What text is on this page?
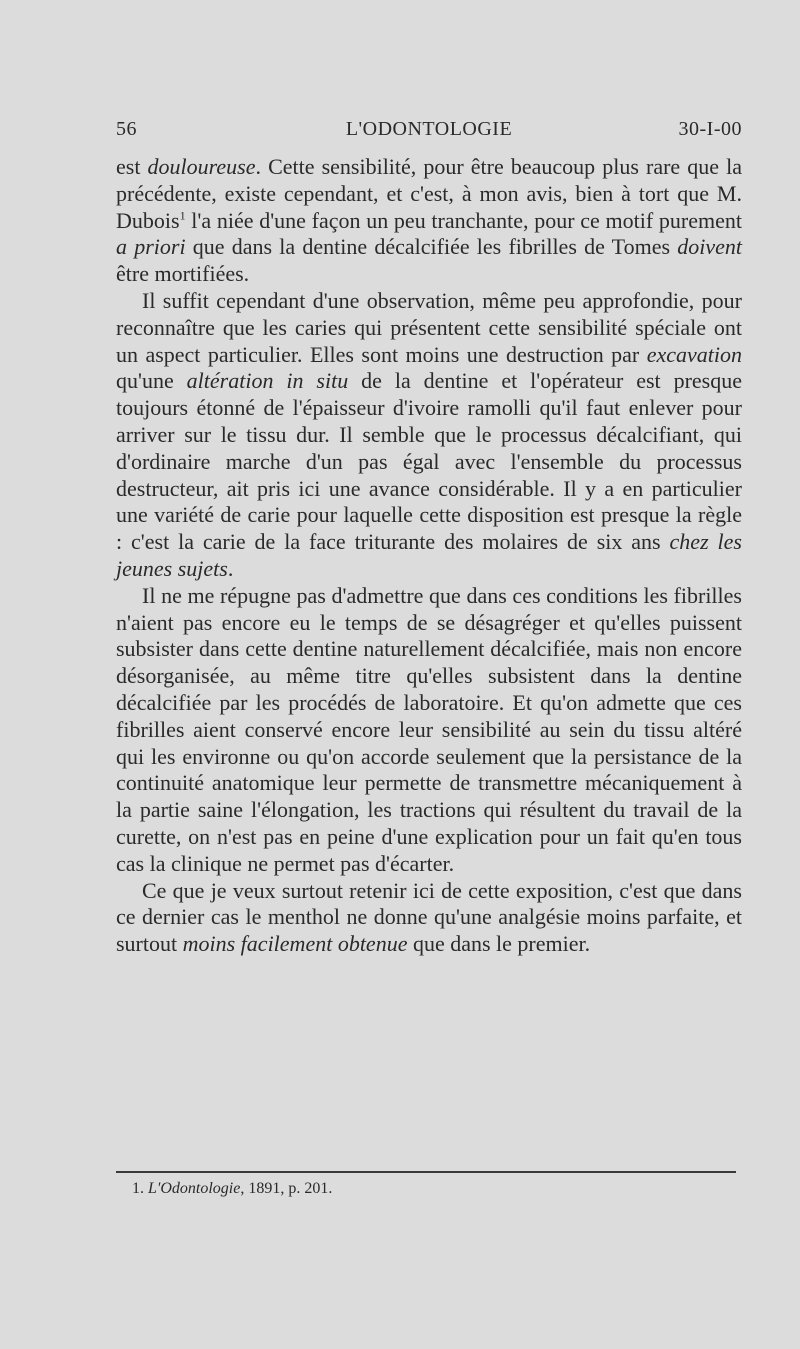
56	L'ODONTOLOGIE	30-I-00

est douloureuse. Cette sensibilité, pour être beaucoup plus rare que la précédente, existe cependant, et c'est, à mon avis, bien à tort que M. Dubois$^1$ l'a niée d'une façon un peu tranchante, pour ce motif purement a priori que dans la dentine décalcifiée les fibrilles de Tomes doivent être mortifiées.

Il suffit cependant d'une observation, même peu approfondie, pour reconnaître que les caries qui présentent cette sensibilité spéciale ont un aspect particulier. Elles sont moins une destruction par excavation qu'une altération in situ de la dentine et l'opérateur est presque toujours étonné de l'épaisseur d'ivoire ramolli qu'il faut enlever pour arriver sur le tissu dur. Il semble que le processus décalcifiant, qui d'ordinaire marche d'un pas égal avec l'ensemble du processus destructeur, ait pris ici une avance considérable. Il y a en particulier une variété de carie pour laquelle cette disposition est presque la règle : c'est la carie de la face triturante des molaires de six ans chez les jeunes sujets.

Il ne me répugne pas d'admettre que dans ces conditions les fibrilles n'aient pas encore eu le temps de se désagréger et qu'elles puissent subsister dans cette dentine naturellement décalcifiée, mais non encore désorganisée, au même titre qu'elles subsistent dans la dentine décalcifiée par les procédés de laboratoire. Et qu'on admette que ces fibrilles aient conservé encore leur sensibilité au sein du tissu altéré qui les environne ou qu'on accorde seulement que la persistance de la continuité anatomique leur permette de transmettre mécaniquement à la partie saine l'élongation, les tractions qui résultent du travail de la curette, on n'est pas en peine d'une explication pour un fait qu'en tous cas la clinique ne permet pas d'écarter.

Ce que je veux surtout retenir ici de cette exposition, c'est que dans ce dernier cas le menthol ne donne qu'une analgésie moins parfaite, et surtout moins facilement obtenue que dans le premier.

1. L'Odontologie, 1891, p. 201.
